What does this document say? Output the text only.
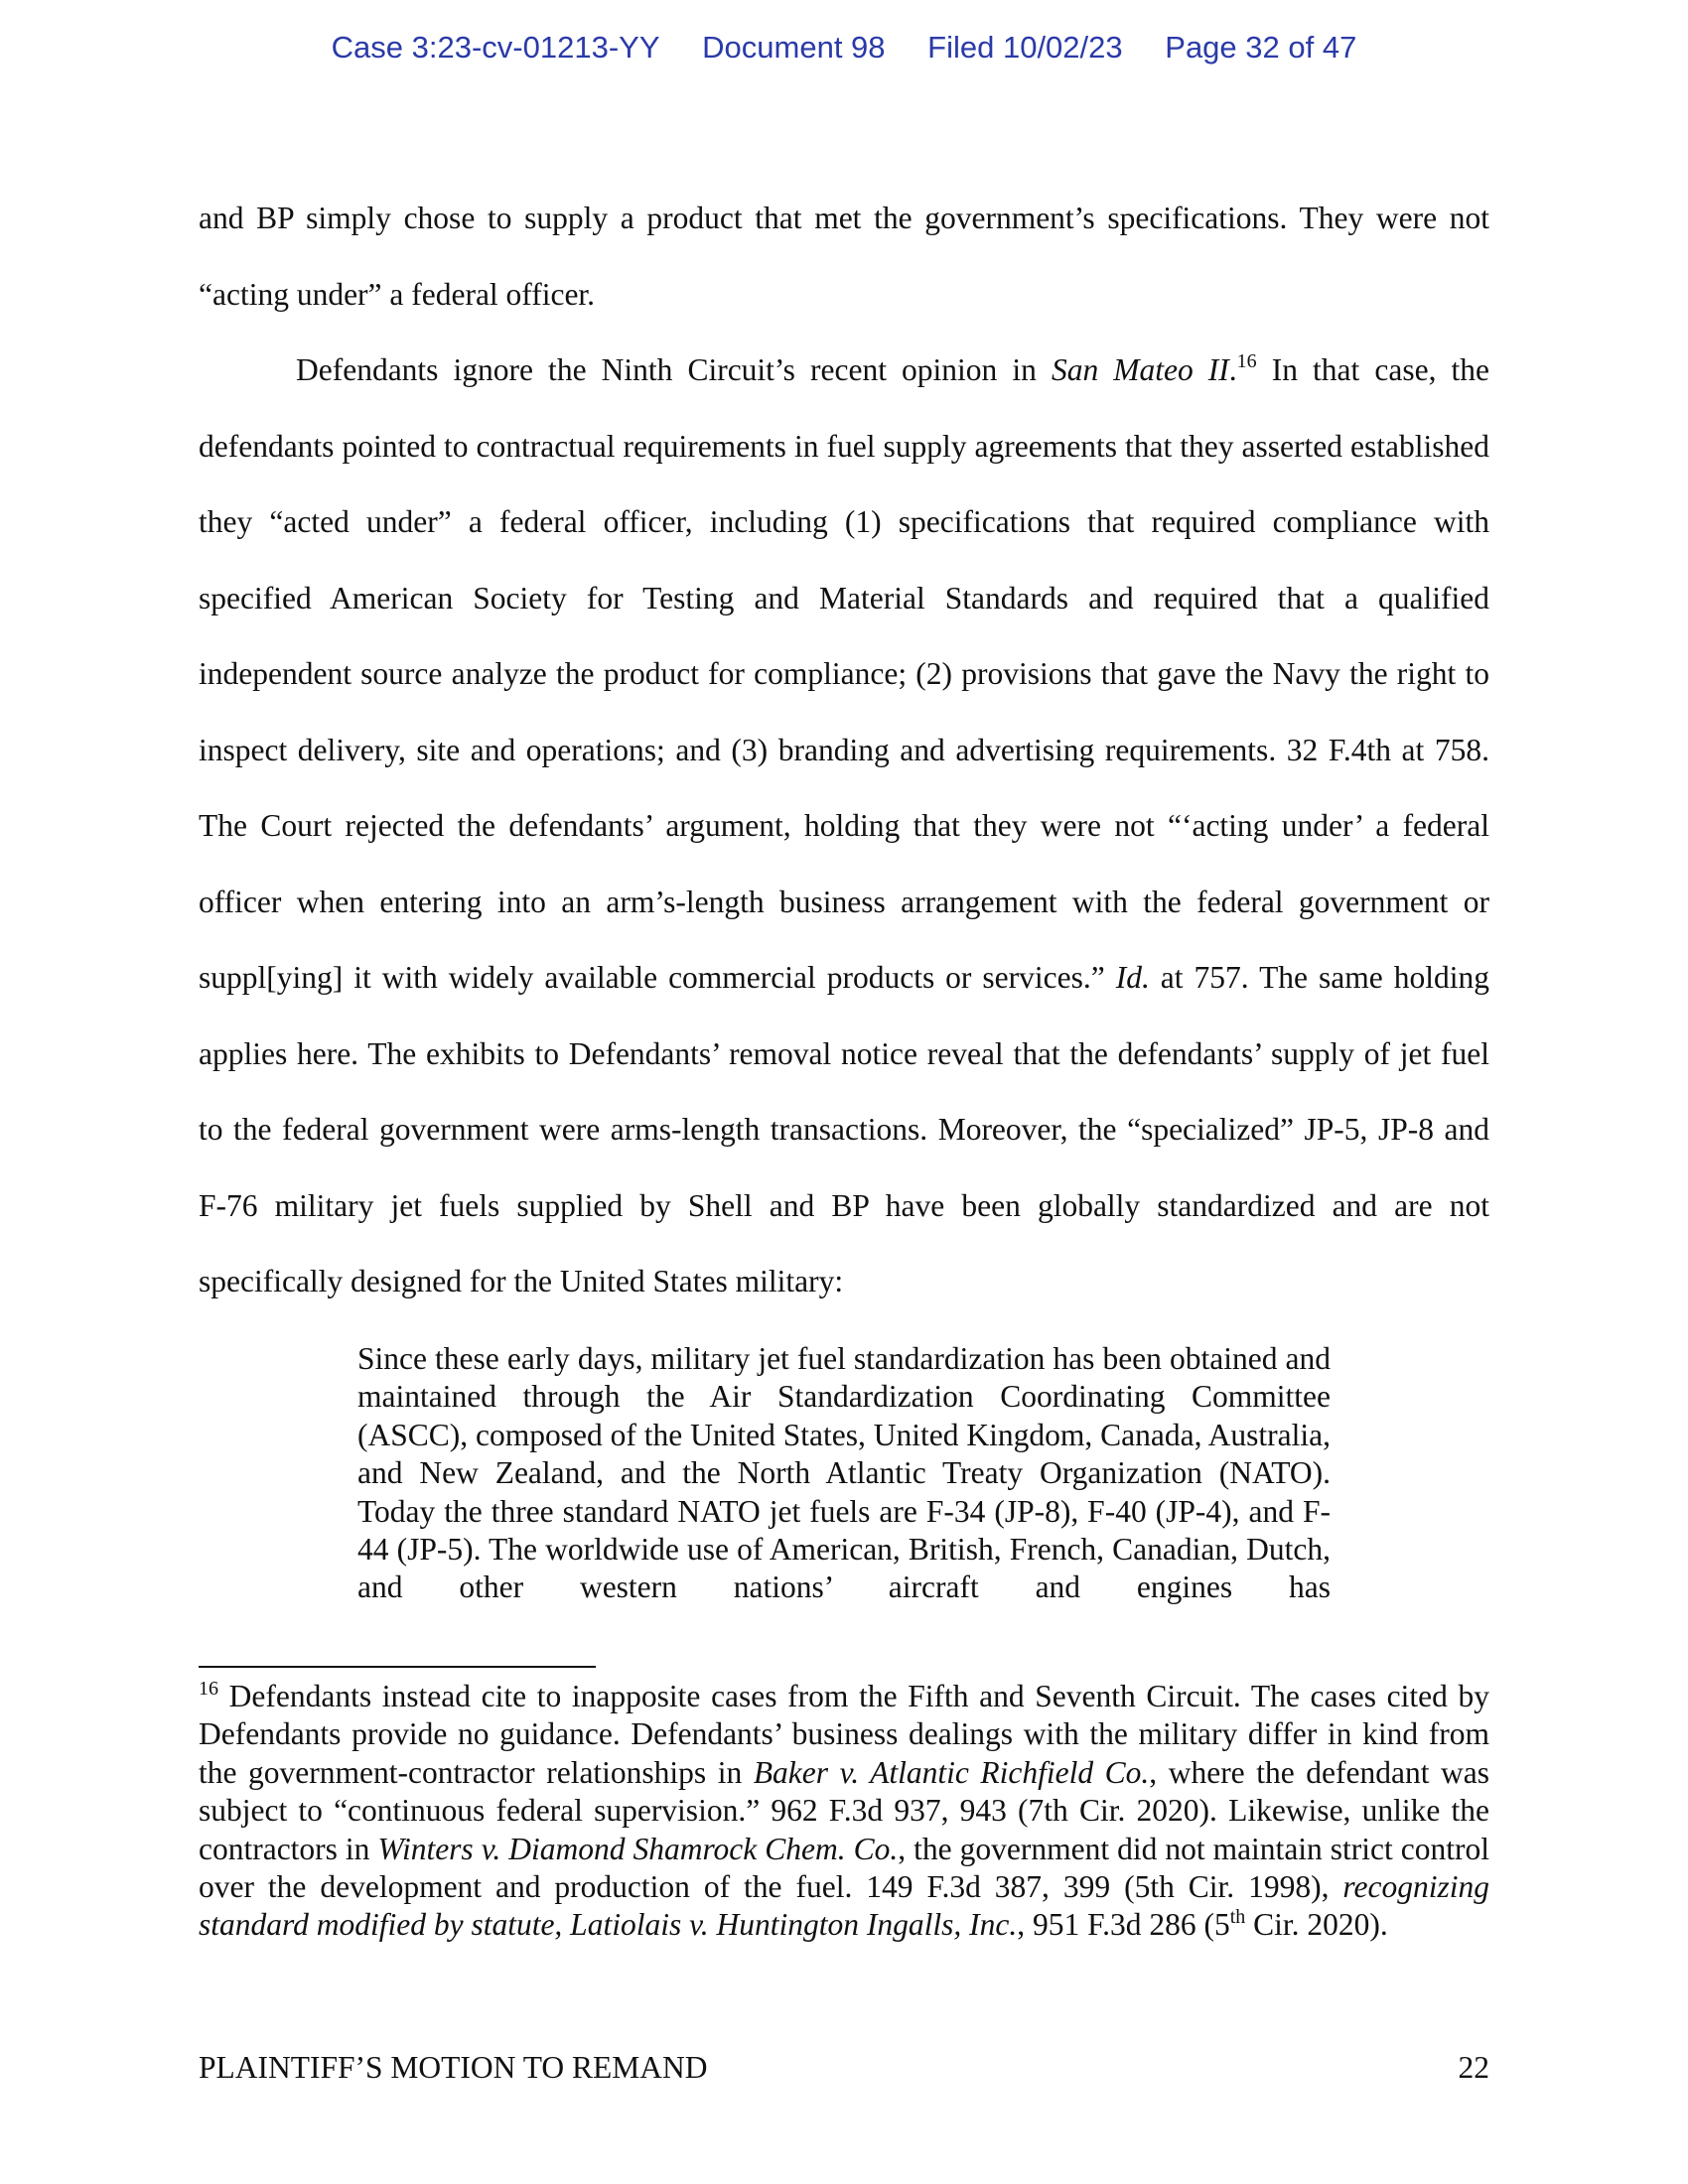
Case 3:23-cv-01213-YY Document 98 Filed 10/02/23 Page 32 of 47
and BP simply chose to supply a product that met the government’s specifications. They were not “acting under” a federal officer.
Defendants ignore the Ninth Circuit’s recent opinion in San Mateo II.$^{16}$ In that case, the defendants pointed to contractual requirements in fuel supply agreements that they asserted established they “acted under” a federal officer, including (1) specifications that required compliance with specified American Society for Testing and Material Standards and required that a qualified independent source analyze the product for compliance; (2) provisions that gave the Navy the right to inspect delivery, site and operations; and (3) branding and advertising requirements. 32 F.4th at 758. The Court rejected the defendants’ argument, holding that they were not “‘acting under’ a federal officer when entering into an arm’s-length business arrangement with the federal government or suppl[ying] it with widely available commercial products or services.” Id. at 757. The same holding applies here. The exhibits to Defendants’ removal notice reveal that the defendants’ supply of jet fuel to the federal government were arms-length transactions. Moreover, the “specialized” JP-5, JP-8 and F-76 military jet fuels supplied by Shell and BP have been globally standardized and are not specifically designed for the United States military:
Since these early days, military jet fuel standardization has been obtained and maintained through the Air Standardization Coordinating Committee (ASCC), composed of the United States, United Kingdom, Canada, Australia, and New Zealand, and the North Atlantic Treaty Organization (NATO). Today the three standard NATO jet fuels are F-34 (JP-8), F-40 (JP-4), and F-44 (JP-5). The worldwide use of American, British, French, Canadian, Dutch, and other western nations’ aircraft and engines has
$^{16}$ Defendants instead cite to inapposite cases from the Fifth and Seventh Circuit. The cases cited by Defendants provide no guidance. Defendants’ business dealings with the military differ in kind from the government-contractor relationships in Baker v. Atlantic Richfield Co., where the defendant was subject to “continuous federal supervision.” 962 F.3d 937, 943 (7th Cir. 2020). Likewise, unlike the contractors in Winters v. Diamond Shamrock Chem. Co., the government did not maintain strict control over the development and production of the fuel. 149 F.3d 387, 399 (5th Cir. 1998), recognizing standard modified by statute, Latiolais v. Huntington Ingalls, Inc., 951 F.3d 286 (5th Cir. 2020).
PLAINTIFF’S MOTION TO REMAND	22
